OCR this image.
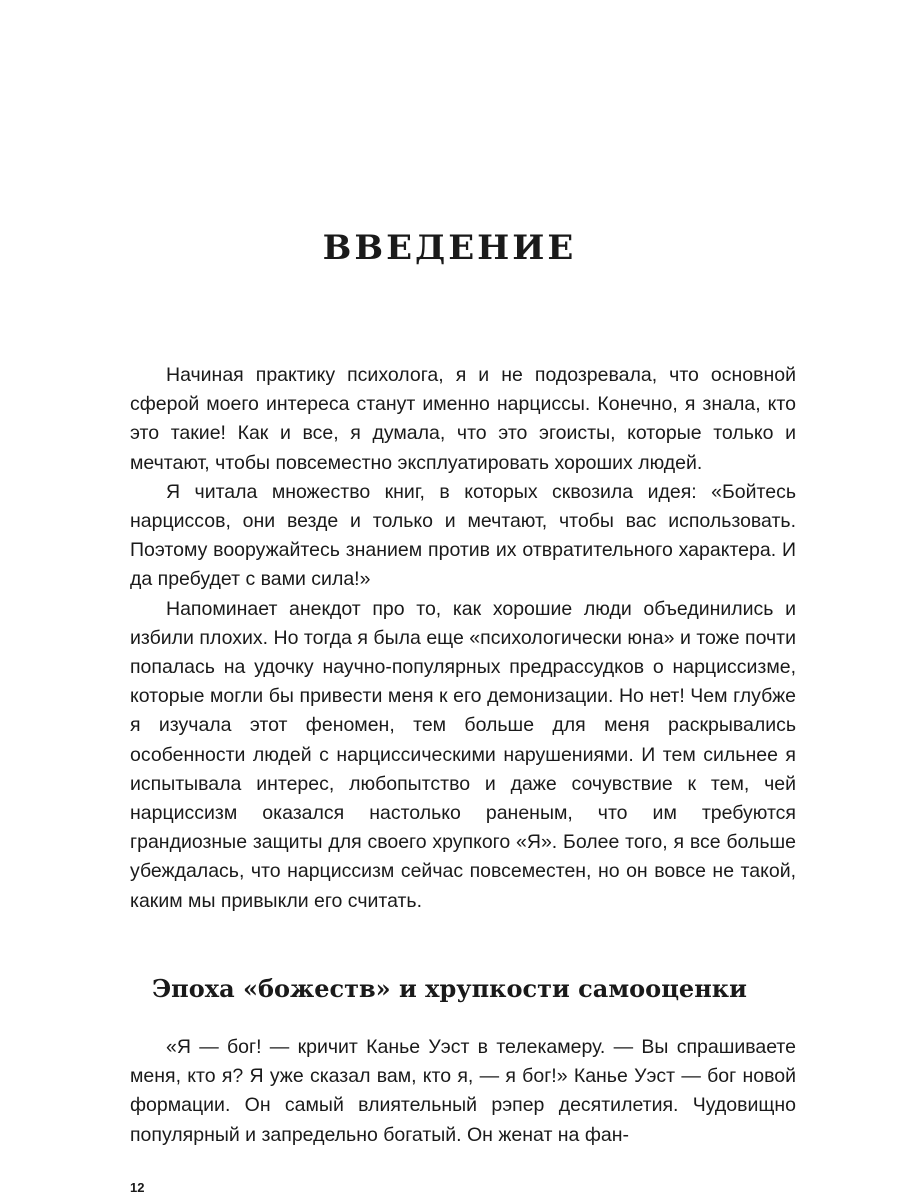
ВВЕДЕНИЕ

Начиная практику психолога, я и не подозревала, что основной сферой моего интереса станут именно нарциссы. Конечно, я знала, кто это такие! Как и все, я думала, что это эгоисты, которые только и мечтают, чтобы повсеместно эксплуатировать хороших людей.

Я читала множество книг, в которых сквозила идея: «Бойтесь нарциссов, они везде и только и мечтают, чтобы вас использовать. Поэтому вооружайтесь знанием против их отвратительного характера. И да пребудет с вами сила!»

Напоминает анекдот про то, как хорошие люди объединились и избили плохих. Но тогда я была еще «психологически юна» и тоже почти попалась на удочку научно-популярных предрассудков о нарциссизме, которые могли бы привести меня к его демонизации. Но нет! Чем глубже я изучала этот феномен, тем больше для меня раскрывались особенности людей с нарциссическими нарушениями. И тем сильнее я испытывала интерес, любопытство и даже сочувствие к тем, чей нарциссизм оказался настолько раненым, что им требуются грандиозные защиты для своего хрупкого «Я». Более того, я все больше убеждалась, что нарциссизм сейчас повсеместен, но он вовсе не такой, каким мы привыкли его считать.

Эпоха «божеств» и хрупкости самооценки

«Я — бог! — кричит Канье Уэст в телекамеру. — Вы спрашиваете меня, кто я? Я уже сказал вам, кто я, — я бог!» Канье Уэст — бог новой формации. Он самый влиятельный рэпер десятилетия. Чудовищно популярный и запредельно богатый. Он женат на фан-

12
